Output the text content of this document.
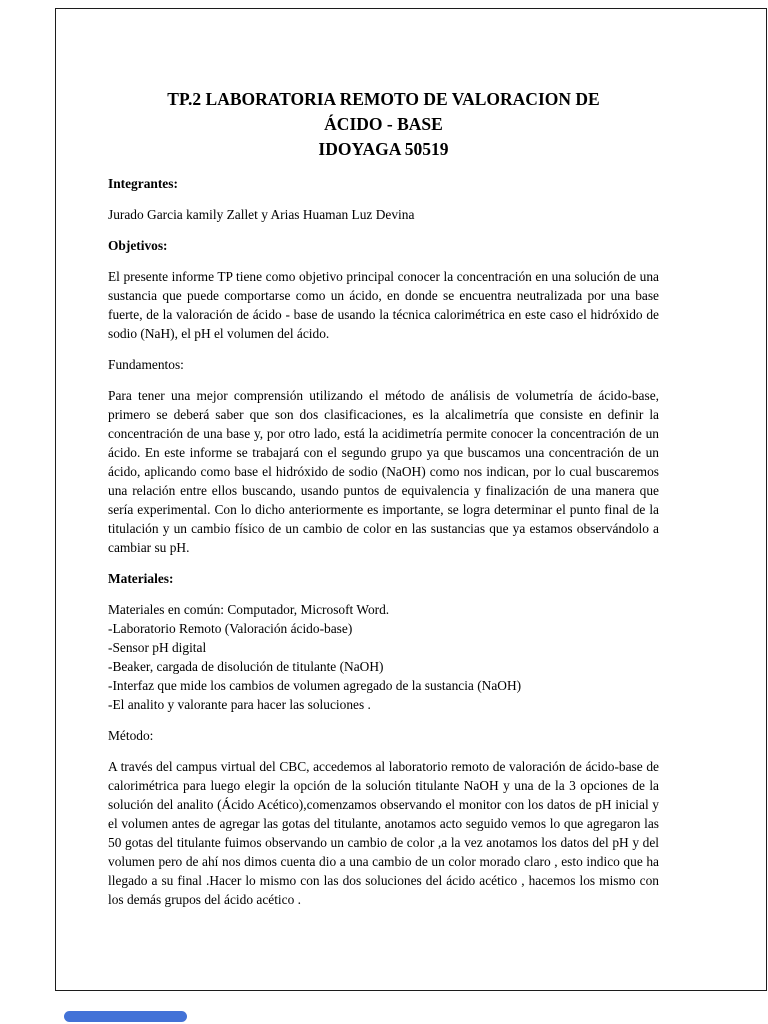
TP.2 LABORATORIA REMOTO DE VALORACION DE
ÁCIDO - BASE
IDOYAGA 50519
Integrantes:
Jurado Garcia kamily Zallet y Arias Huaman Luz Devina
Objetivos:
El presente informe TP tiene como objetivo principal conocer la concentración en una solución de una sustancia que puede comportarse como un ácido, en donde se encuentra neutralizada por una base fuerte, de la valoración de ácido - base de usando la técnica calorimétrica en este caso el hidróxido de sodio (NaH), el pH el volumen del ácido.
Fundamentos:
Para tener una mejor comprensión utilizando el método de análisis de volumetría de ácido-base, primero se deberá saber que son dos clasificaciones, es la alcalimetría que consiste en definir la concentración de una base y, por otro lado, está la acidimetría permite conocer la concentración de un ácido. En este informe se trabajará con el segundo grupo ya que buscamos una concentración de un ácido, aplicando como base el hidróxido de sodio (NaOH) como nos indican, por lo cual buscaremos una relación entre ellos buscando, usando puntos de equivalencia y finalización de una manera que sería experimental. Con lo dicho anteriormente es importante, se logra determinar el punto final de la titulación y un cambio físico de un cambio de color en las sustancias que ya estamos observándolo a cambiar su pH.
Materiales:
Materiales en común: Computador, Microsoft Word.
-Laboratorio Remoto (Valoración ácido-base)
-Sensor pH digital
-Beaker, cargada de disolución de titulante (NaOH)
-Interfaz que mide los cambios de volumen agregado de la sustancia (NaOH)
-El analito y valorante para hacer las soluciones .
Método:
A través del campus virtual del CBC, accedemos al laboratorio remoto de valoración de ácido-base de calorimétrica para luego elegir la opción de la solución titulante NaOH y una de la 3 opciones de la solución del analito (Ácido Acético),comenzamos observando el monitor con los datos de pH inicial y el volumen antes de agregar las gotas del titulante, anotamos acto seguido vemos lo que agregaron las 50 gotas del titulante fuimos observando un cambio de color ,a la vez anotamos los datos del pH y del volumen pero de ahí nos dimos cuenta dio a una cambio de un color morado claro , esto indico que ha llegado a su final .Hacer lo mismo con las dos soluciones del ácido acético , hacemos los mismo con los demás grupos del ácido acético .
